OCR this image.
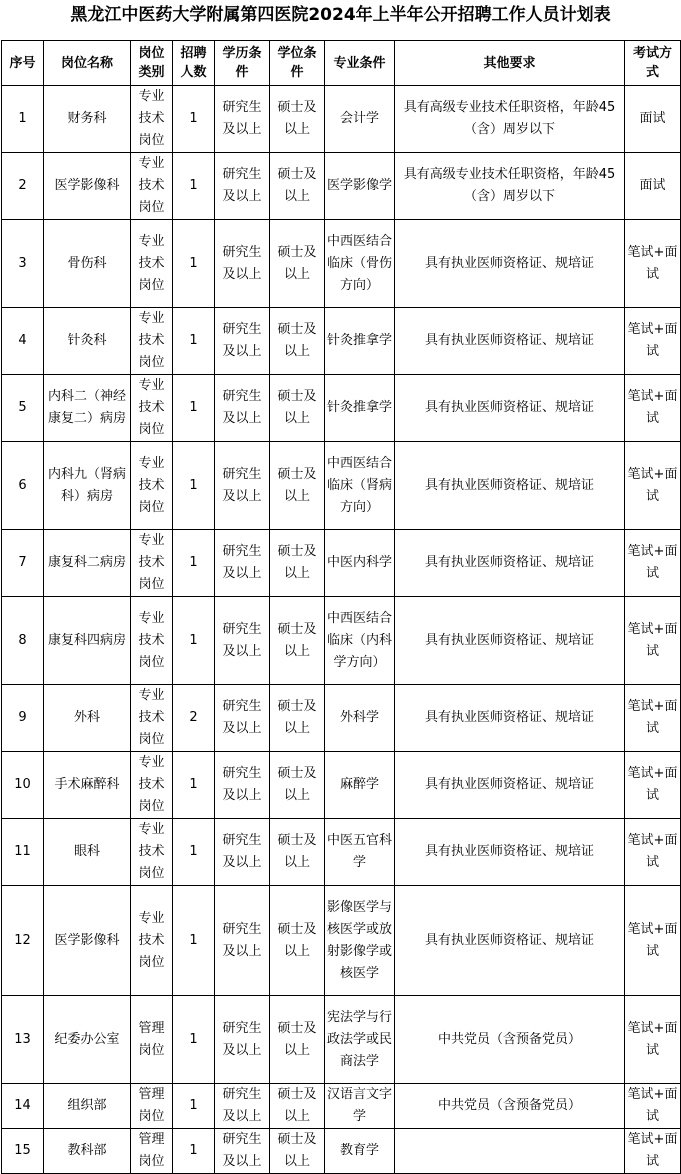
黑龙江中医药大学附属第四医院2024年上半年公开招聘工作人员计划表
序号	岗位名称	岗位类别	招聘人数	学历条件	学位条件	专业条件	其他要求	考试方式
1	财务科	专业技术岗位	1	研究生及以上	硕士及以上	会计学	具有高级专业技术任职资格，年龄45（含）周岁以下	面试
2	医学影像科	专业技术岗位	1	研究生及以上	硕士及以上	医学影像学	具有高级专业技术任职资格，年龄45（含）周岁以下	面试
3	骨伤科	专业技术岗位	1	研究生及以上	硕士及以上	中西医结合临床（骨伤方向）	具有执业医师资格证、规培证	笔试+面试
4	针灸科	专业技术岗位	1	研究生及以上	硕士及以上	针灸推拿学	具有执业医师资格证、规培证	笔试+面试
5	内科二（神经康复二）病房	专业技术岗位	1	研究生及以上	硕士及以上	针灸推拿学	具有执业医师资格证、规培证	笔试+面试
6	内科九（肾病科）病房	专业技术岗位	1	研究生及以上	硕士及以上	中西医结合临床（肾病方向）	具有执业医师资格证、规培证	笔试+面试
7	康复科二病房	专业技术岗位	1	研究生及以上	硕士及以上	中医内科学	具有执业医师资格证、规培证	笔试+面试
8	康复科四病房	专业技术岗位	1	研究生及以上	硕士及以上	中西医结合临床（内科学方向）	具有执业医师资格证、规培证	笔试+面试
9	外科	专业技术岗位	2	研究生及以上	硕士及以上	外科学	具有执业医师资格证、规培证	笔试+面试
10	手术麻醉科	专业技术岗位	1	研究生及以上	硕士及以上	麻醉学	具有执业医师资格证、规培证	笔试+面试
11	眼科	专业技术岗位	1	研究生及以上	硕士及以上	中医五官科学	具有执业医师资格证、规培证	笔试+面试
12	医学影像科	专业技术岗位	1	研究生及以上	硕士及以上	影像医学与核医学或放射影像学或核医学	具有执业医师资格证、规培证	笔试+面试
13	纪委办公室	管理岗位	1	研究生及以上	硕士及以上	宪法学与行政法学或民商法学	中共党员（含预备党员）	笔试+面试
14	组织部	管理岗位	1	研究生及以上	硕士及以上	汉语言文字学	中共党员（含预备党员）	笔试+面试
15	教科部	管理岗位	1	研究生及以上	硕士及以上	教育学		笔试+面试
